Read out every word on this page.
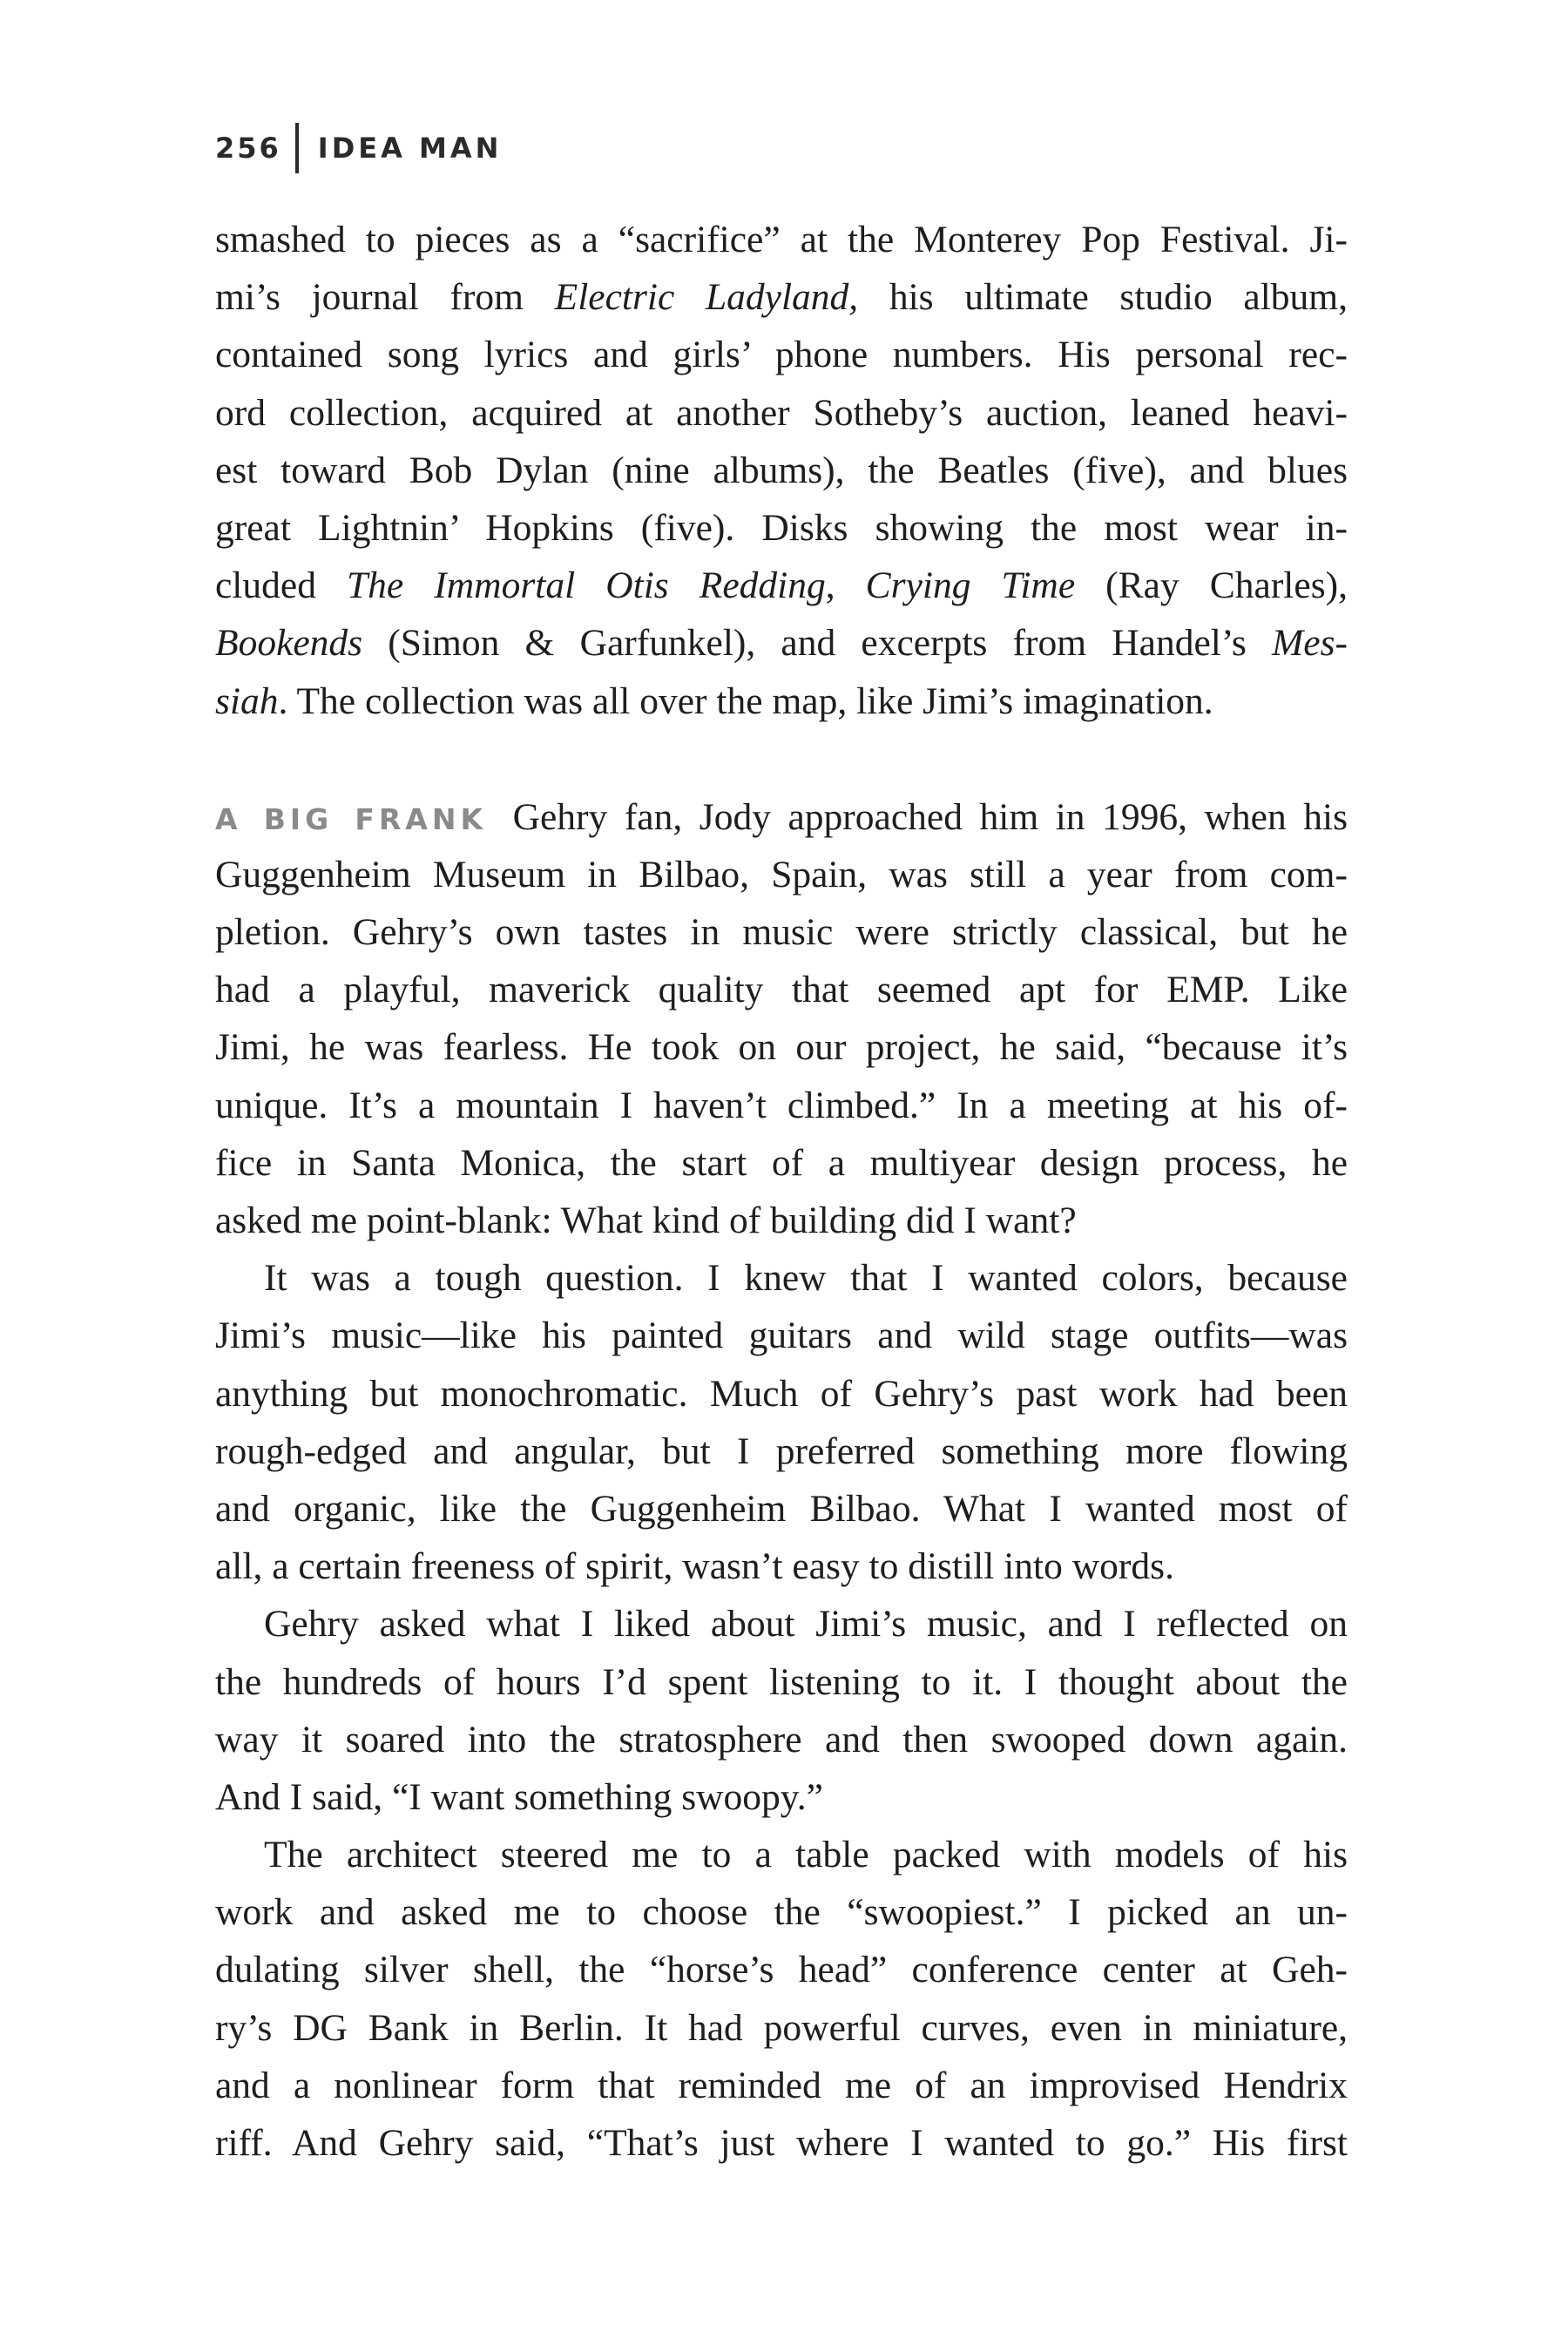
256 IDEA MAN

smashed to pieces as a “sacrifice” at the Monterey Pop Festival. Ji-
mi’s journal from Electric Ladyland, his ultimate studio album,
contained song lyrics and girls’ phone numbers. His personal rec-
ord collection, acquired at another Sotheby’s auction, leaned heavi-
est toward Bob Dylan (nine albums), the Beatles (five), and blues
great Lightnin’ Hopkins (five). Disks showing the most wear in-
cluded The Immortal Otis Redding, Crying Time (Ray Charles),
Bookends (Simon & Garfunkel), and excerpts from Handel’s Mes-
siah. The collection was all over the map, like Jimi’s imagination.

A BIG FRANK Gehry fan, Jody approached him in 1996, when his
Guggenheim Museum in Bilbao, Spain, was still a year from com-
pletion. Gehry’s own tastes in music were strictly classical, but he
had a playful, maverick quality that seemed apt for EMP. Like
Jimi, he was fearless. He took on our project, he said, “because it’s
unique. It’s a mountain I haven’t climbed.” In a meeting at his of-
fice in Santa Monica, the start of a multiyear design process, he
asked me point-blank: What kind of building did I want?

It was a tough question. I knew that I wanted colors, because
Jimi’s music—like his painted guitars and wild stage outfits—was
anything but monochromatic. Much of Gehry’s past work had been
rough-edged and angular, but I preferred something more flowing
and organic, like the Guggenheim Bilbao. What I wanted most of
all, a certain freeness of spirit, wasn’t easy to distill into words.

Gehry asked what I liked about Jimi’s music, and I reflected on
the hundreds of hours I’d spent listening to it. I thought about the
way it soared into the stratosphere and then swooped down again.
And I said, “I want something swoopy.”

The architect steered me to a table packed with models of his
work and asked me to choose the “swoopiest.” I picked an un-
dulating silver shell, the “horse’s head” conference center at Geh-
ry’s DG Bank in Berlin. It had powerful curves, even in miniature,
and a nonlinear form that reminded me of an improvised Hendrix
riff. And Gehry said, “That’s just where I wanted to go.” His first
